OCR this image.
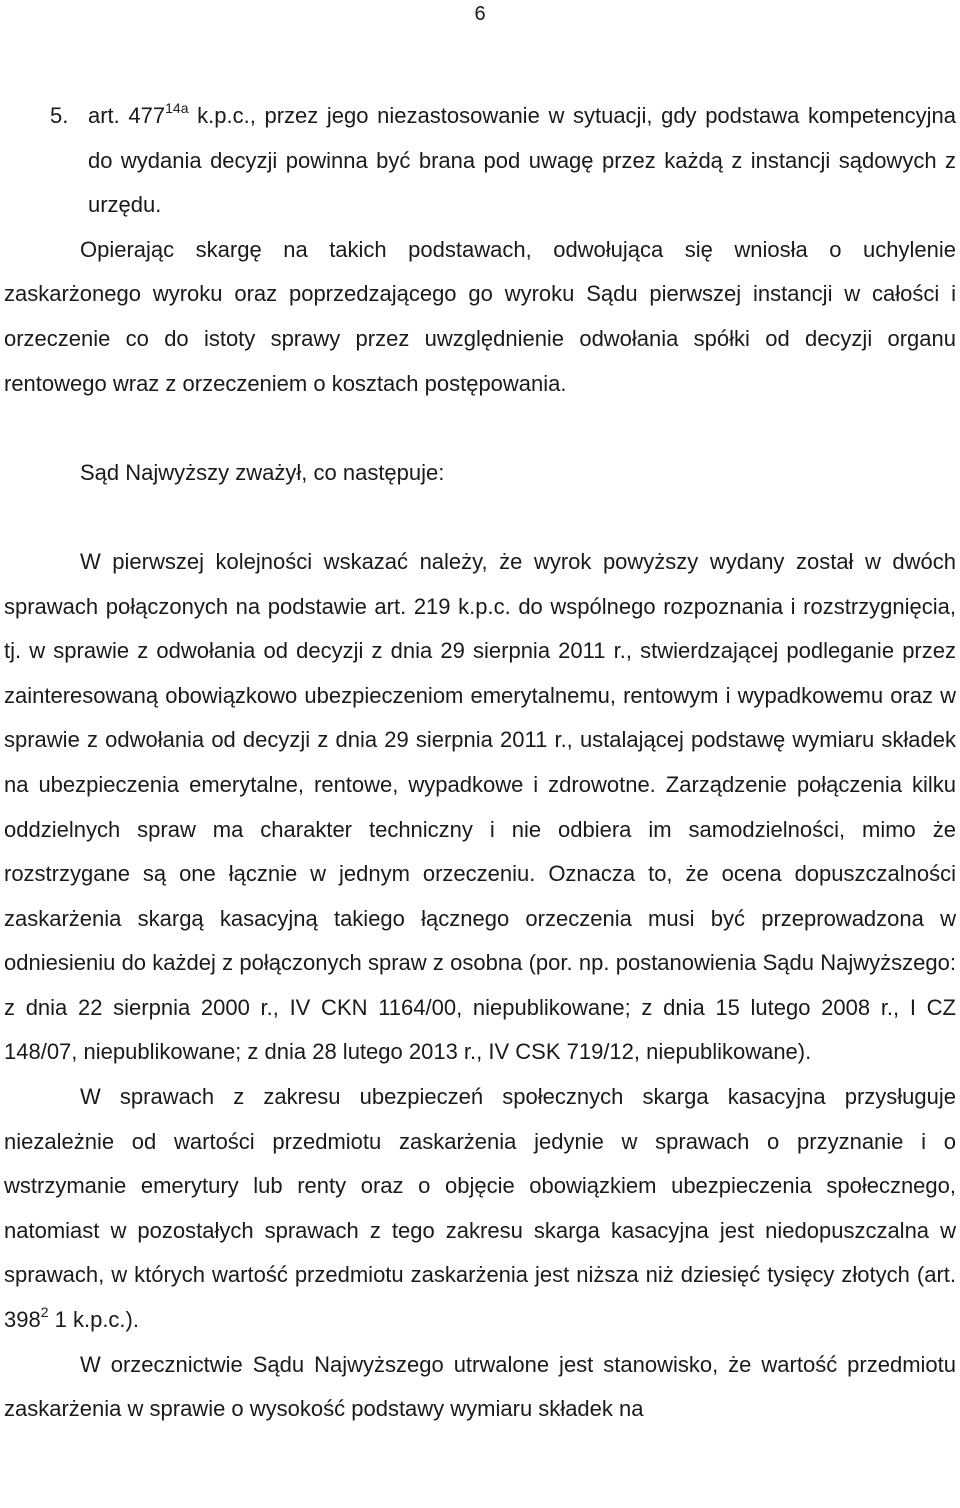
6
5. art. $477^{14a}$ k.p.c., przez jego niezastosowanie w sytuacji, gdy podstawa kompetencyjna do wydania decyzji powinna być brana pod uwagę przez każdą z instancji sądowych z urzędu.

Opierając skargę na takich podstawach, odwołująca się wniosła o uchylenie zaskarżonego wyroku oraz poprzedzającego go wyroku Sądu pierwszej instancji w całości i orzeczenie co do istoty sprawy przez uwzględnienie odwołania spółki od decyzji organu rentowego wraz z orzeczeniem o kosztach postępowania.

Sąd Najwyższy zważył, co następuje:

W pierwszej kolejności wskazać należy, że wyrok powyższy wydany został w dwóch sprawach połączonych na podstawie art. 219 k.p.c. do wspólnego rozpoznania i rozstrzygnięcia, tj. w sprawie z odwołania od decyzji z dnia 29 sierpnia 2011 r., stwierdzającej podleganie przez zainteresowaną obowiązkowo ubezpieczeniom emerytalnemu, rentowym i wypadkowemu oraz w sprawie z odwołania od decyzji z dnia 29 sierpnia 2011 r., ustalającej podstawę wymiaru składek na ubezpieczenia emerytalne, rentowe, wypadkowe i zdrowotne. Zarządzenie połączenia kilku oddzielnych spraw ma charakter techniczny i nie odbiera im samodzielności, mimo że rozstrzygane są one łącznie w jednym orzeczeniu. Oznacza to, że ocena dopuszczalności zaskarżenia skargą kasacyjną takiego łącznego orzeczenia musi być przeprowadzona w odniesieniu do każdej z połączonych spraw z osobna (por. np. postanowienia Sądu Najwyższego: z dnia 22 sierpnia 2000 r., IV CKN 1164/00, niepublikowane; z dnia 15 lutego 2008 r., I CZ 148/07, niepublikowane; z dnia 28 lutego 2013 r., IV CSK 719/12, niepublikowane).

W sprawach z zakresu ubezpieczeń społecznych skarga kasacyjna przysługuje niezależnie od wartości przedmiotu zaskarżenia jedynie w sprawach o przyznanie i o wstrzymanie emerytury lub renty oraz o objęcie obowiązkiem ubezpieczenia społecznego, natomiast w pozostałych sprawach z tego zakresu skarga kasacyjna jest niedopuszczalna w sprawach, w których wartość przedmiotu zaskarżenia jest niższa niż dziesięć tysięcy złotych (art. $398^2$ 1 k.p.c.).

W orzecznictwie Sądu Najwyższego utrwalone jest stanowisko, że wartość przedmiotu zaskarżenia w sprawie o wysokość podstawy wymiaru składek na
